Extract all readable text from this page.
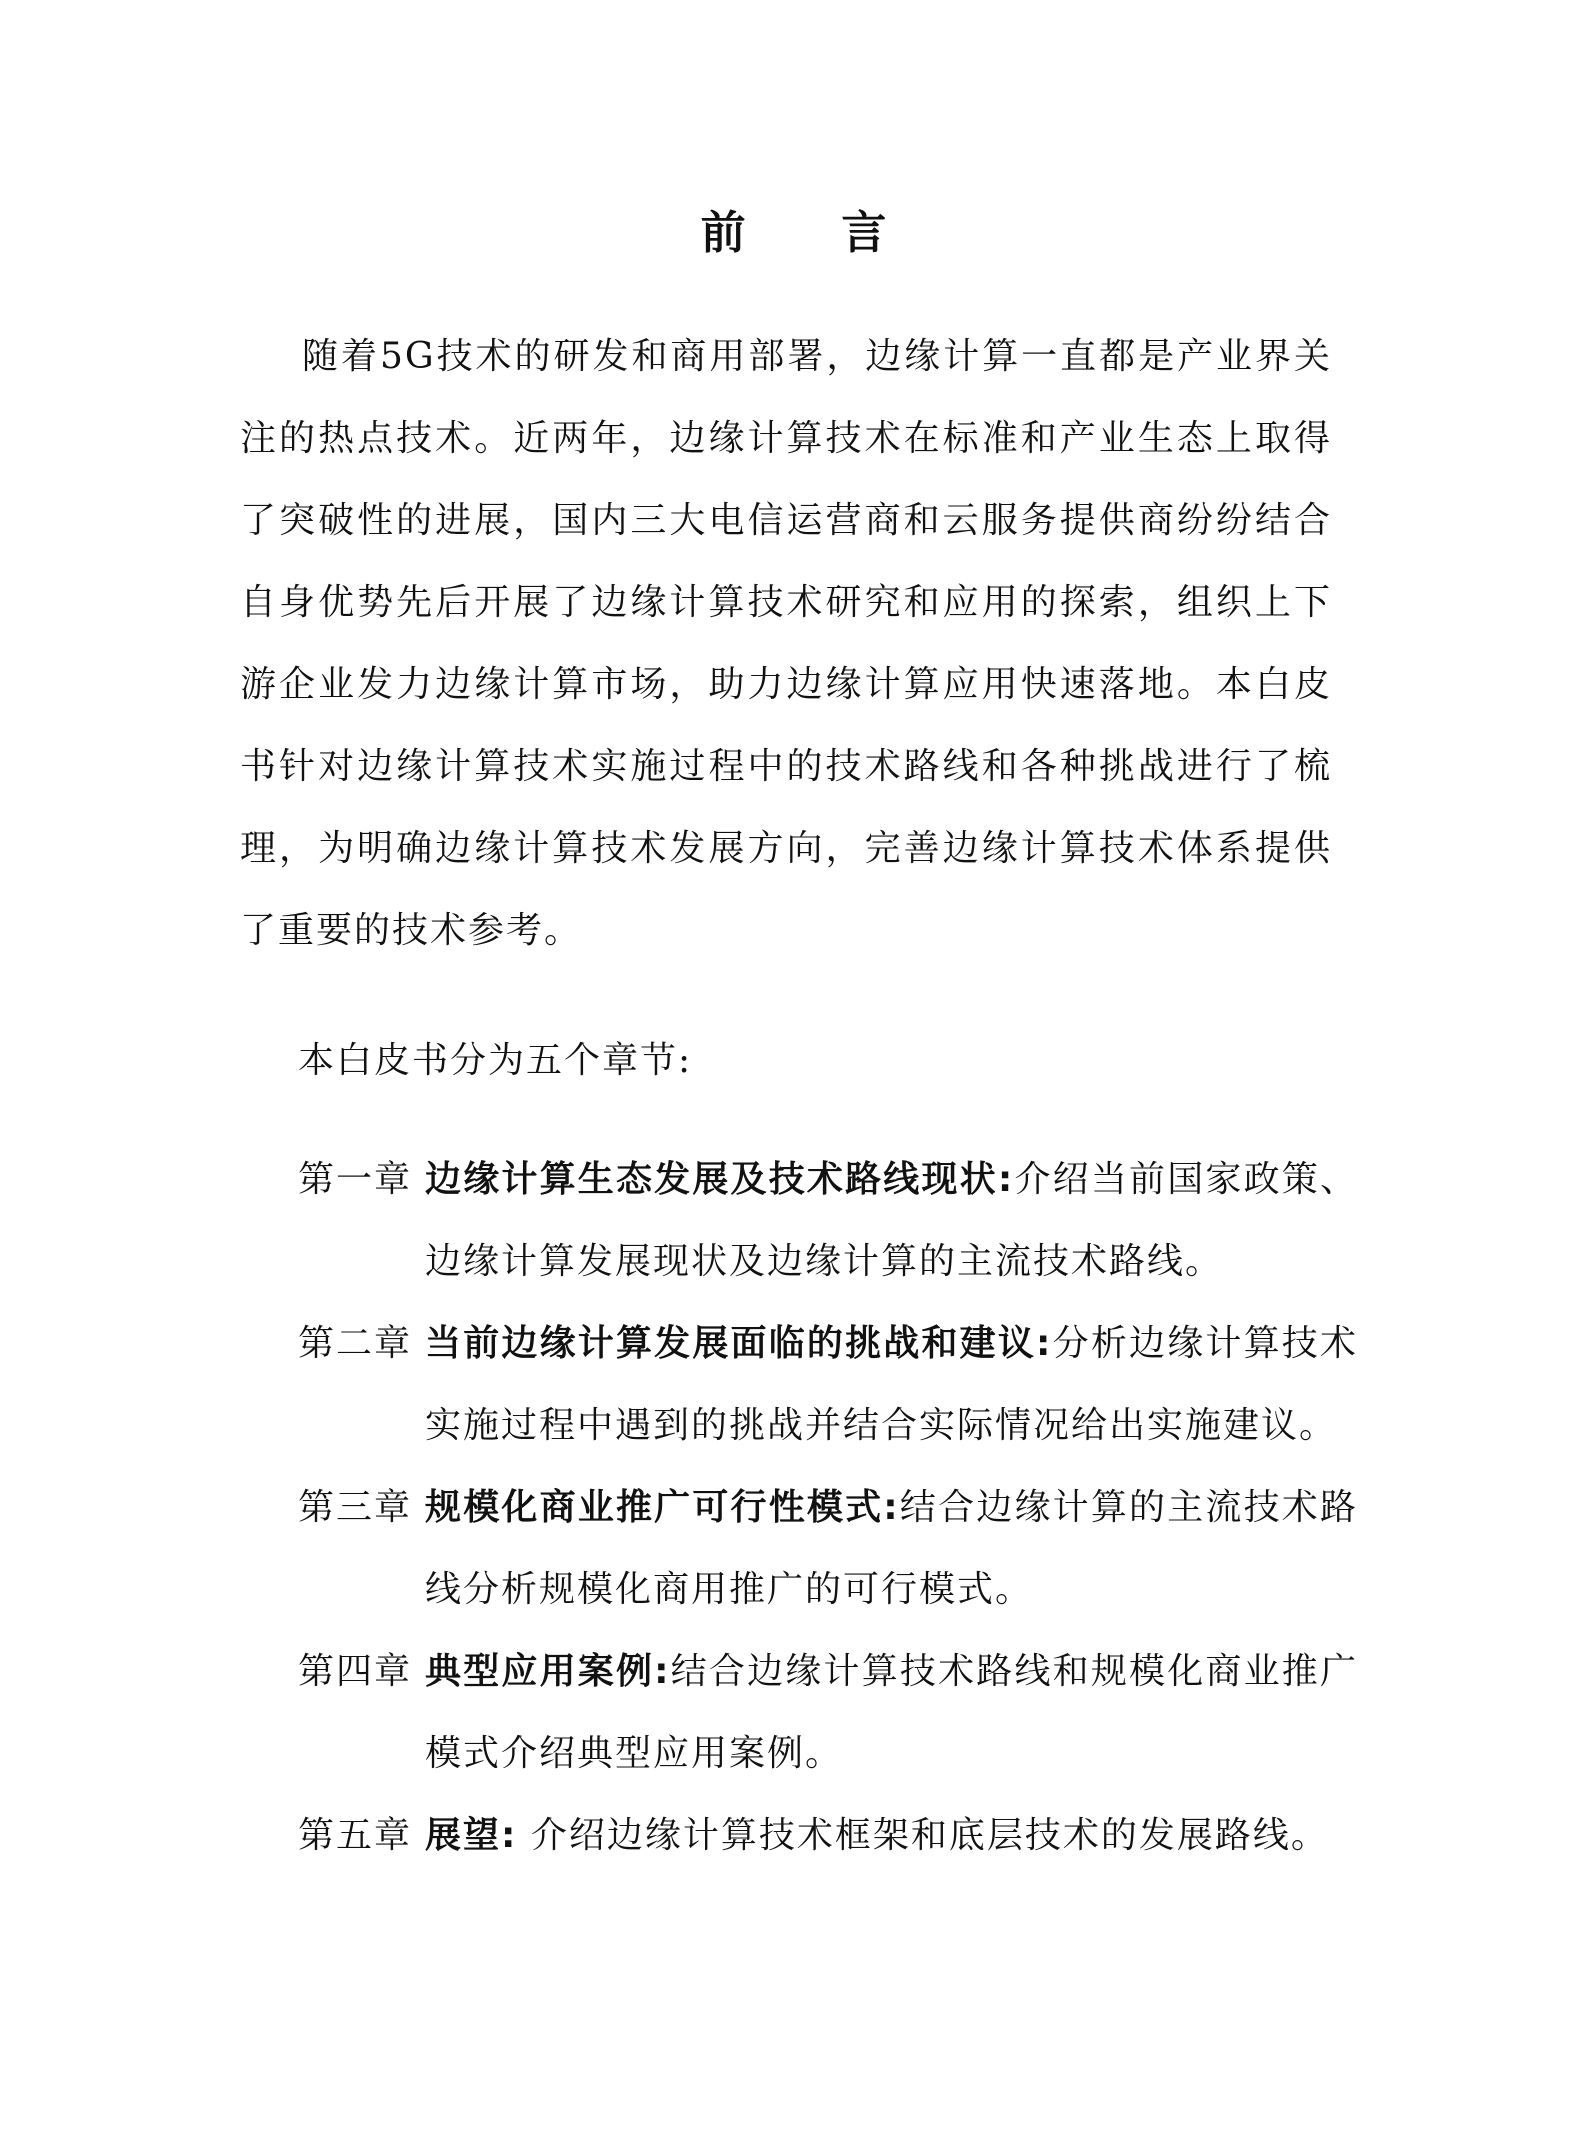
前 言

随着5G技术的研发和商用部署，边缘计算一直都是产业界关注的热点技术。近两年，边缘计算技术在标准和产业生态上取得了突破性的进展，国内三大电信运营商和云服务提供商纷纷结合自身优势先后开展了边缘计算技术研究和应用的探索，组织上下游企业发力边缘计算市场，助力边缘计算应用快速落地。本白皮书针对边缘计算技术实施过程中的技术路线和各种挑战进行了梳理，为明确边缘计算技术发展方向，完善边缘计算技术体系提供了重要的技术参考。

本白皮书分为五个章节:

第一章 边缘计算生态发展及技术路线现状:介绍当前国家政策、边缘计算发展现状及边缘计算的主流技术路线。
第二章 当前边缘计算发展面临的挑战和建议:分析边缘计算技术实施过程中遇到的挑战并结合实际情况给出实施建议。
第三章 规模化商业推广可行性模式:结合边缘计算的主流技术路线分析规模化商用推广的可行模式。
第四章 典型应用案例:结合边缘计算技术路线和规模化商业推广模式介绍典型应用案例。
第五章 展望: 介绍边缘计算技术框架和底层技术的发展路线。
